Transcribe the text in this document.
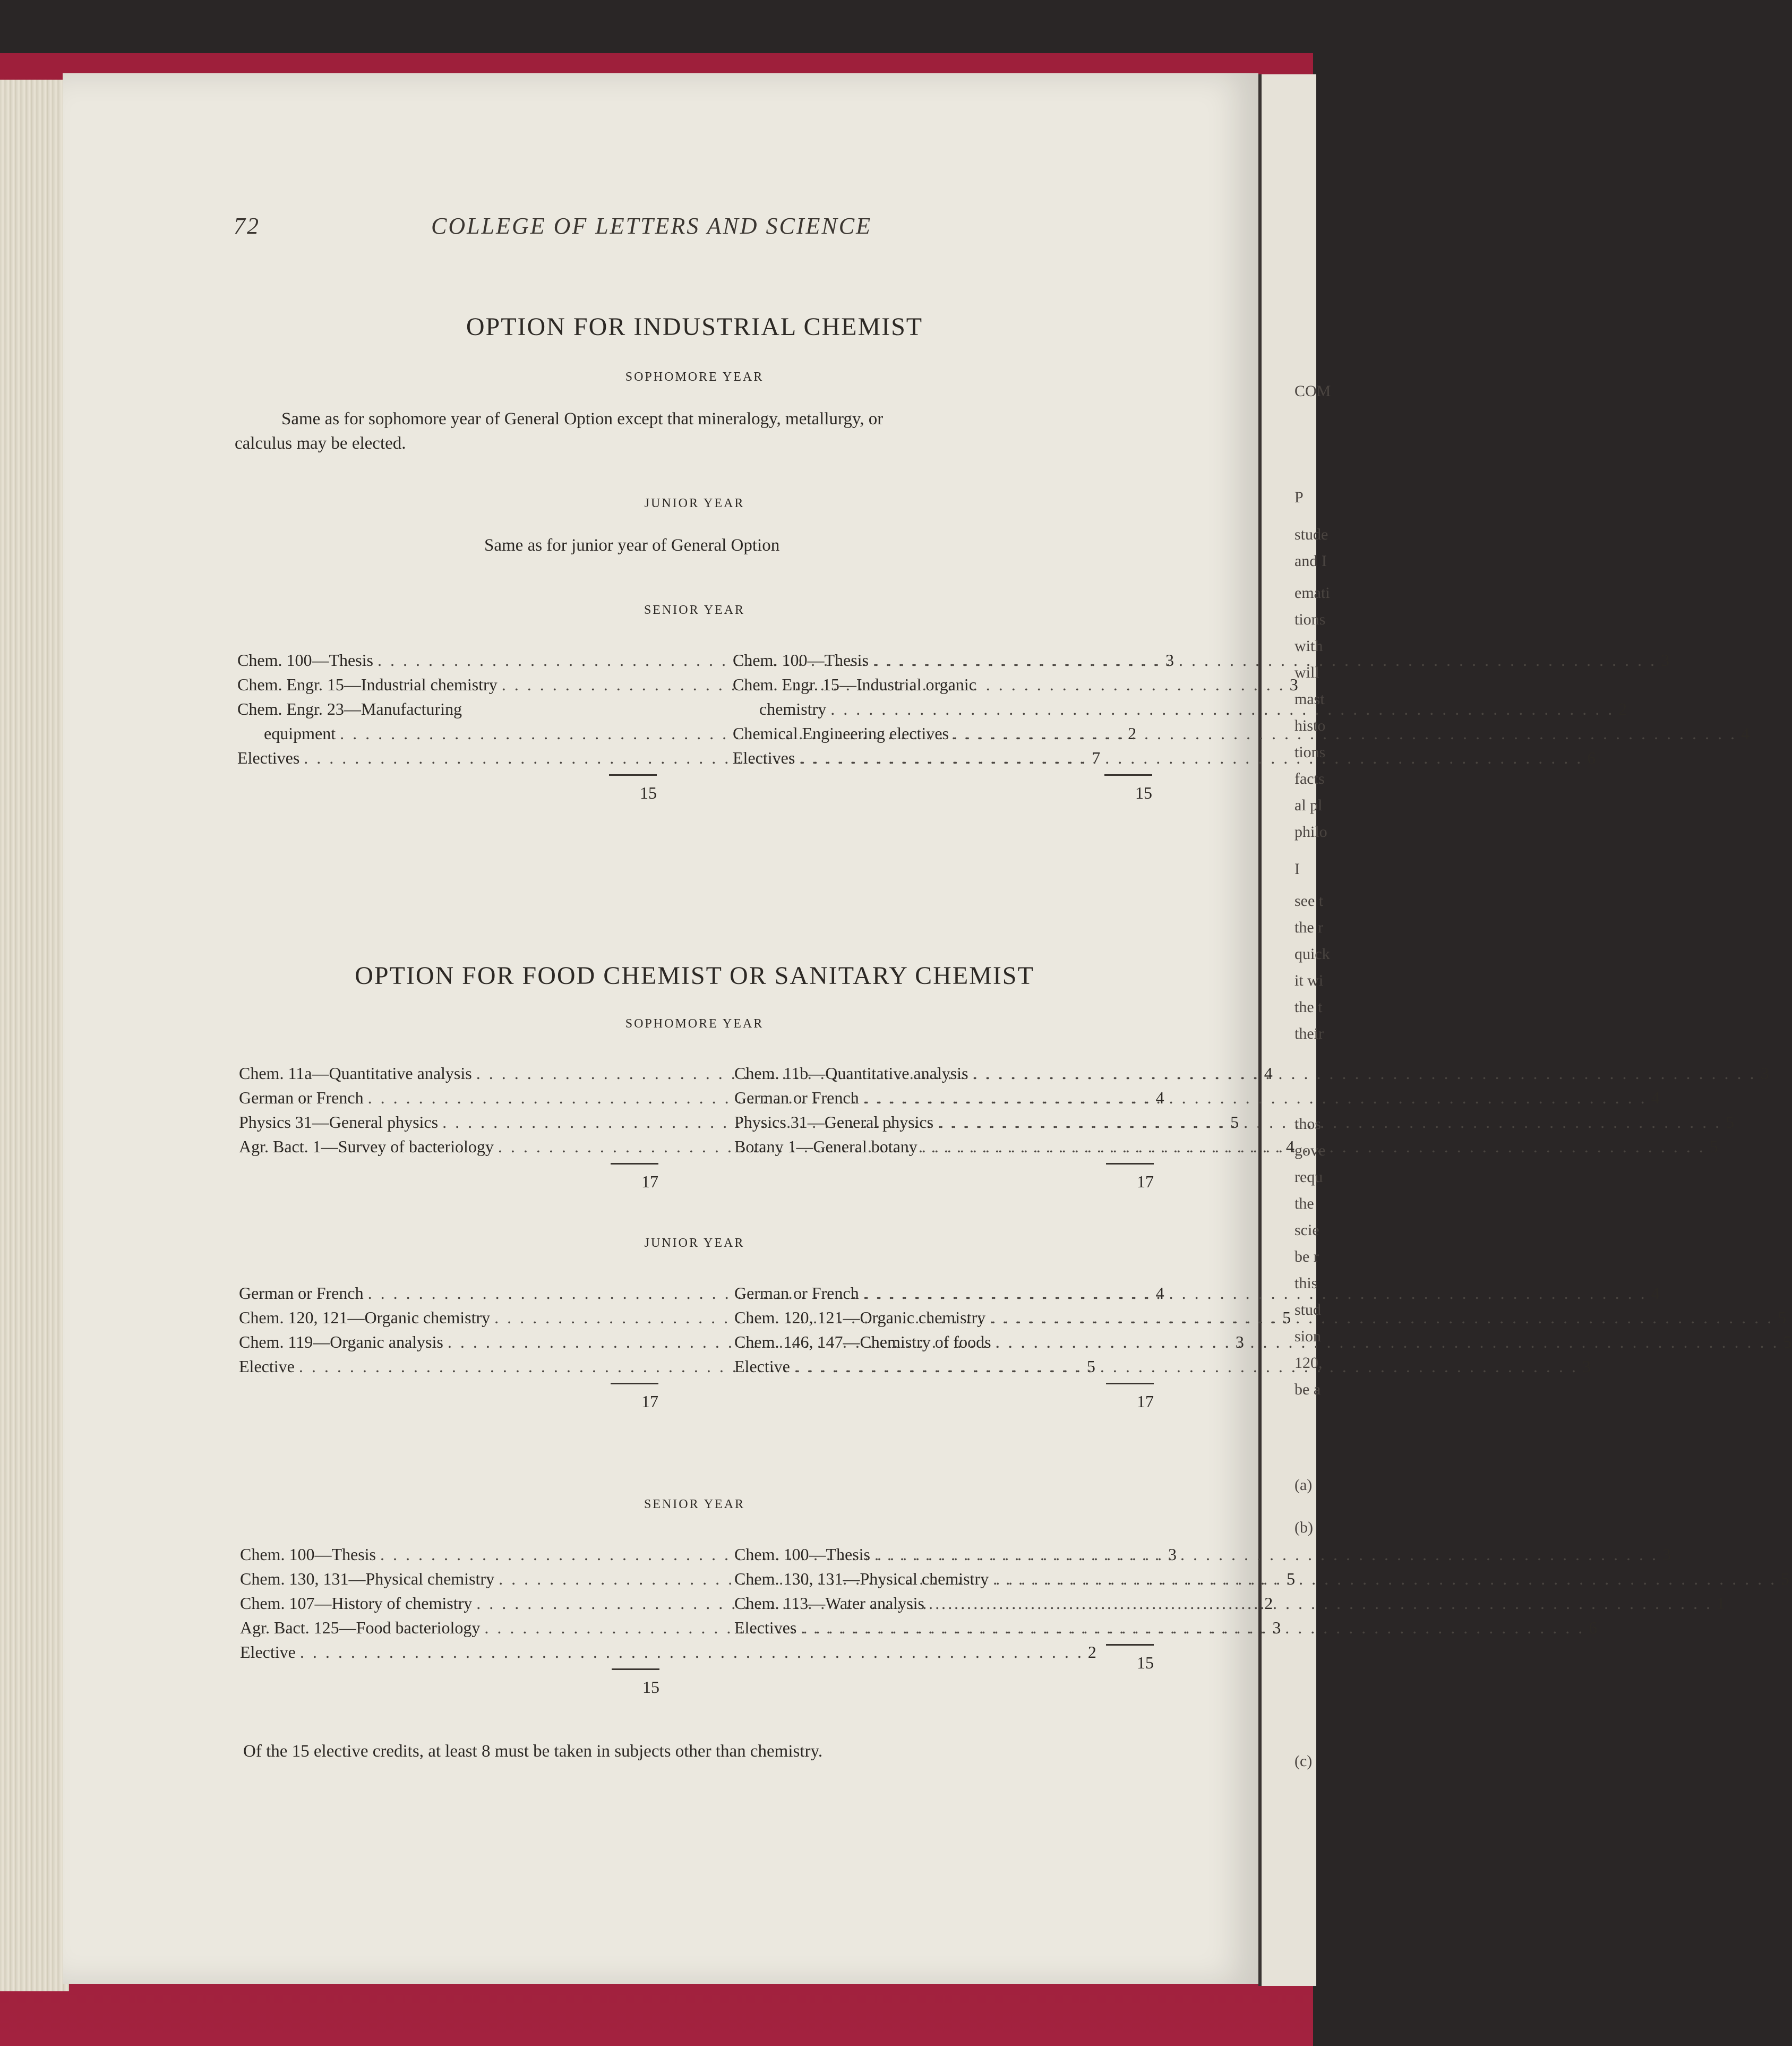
COM
P
stude
and I
emati
tions
with
will
mast
histo
tions
facts
al pl
philo
I
see t
the r
quick
it wi
the t
their
thos
gove
requ
the
scie
be r
this
stud
sion
120,
be a
(a)
(b)
(c)
72	COLLEGE OF LETTERS AND SCIENCE
OPTION FOR INDUSTRIAL CHEMIST
SOPHOMORE YEAR
Same as for sophomore year of General Option except that mineralogy, metallurgy, or
calculus may be elected.
JUNIOR YEAR
Same as for junior year of General Option
SENIOR YEAR
Chem. 100—Thesis . . .	3
Chem. Engr. 15—Industrial chemistry . . .	3
Chem. Engr. 23—Manufacturing
equipment . . .	2
Electives . . .	7
15
Chem. 100—Thesis . . .	3
Chem. Engr. 15—Industrial organic
chemistry . . .	2
Chemical Engineering electives . . .	4
Electives . . .	6
15
OPTION FOR FOOD CHEMIST OR SANITARY CHEMIST
SOPHOMORE YEAR
Chem. 11a—Quantitative analysis . . .	4
German or French . . .	4
Physics 31—General physics . . .	5
Agr. Bact. 1—Survey of bacteriology . . .	4
17
Chem. 11b—Quantitative analysis . . .	3
German or French . . .	4
Physics 31—General physics . . .	5
Botany 1—General botany . . .	5
17
JUNIOR YEAR
German or French . . .	4
Chem. 120, 121—Organic chemistry . . .	5
Chem. 119—Organic analysis . . .	3
Elective . . .	5
17
German or French . . .	4
Chem. 120, 121—Organic chemistry . . .	5
Chem. 146, 147—Chemistry of foods . . .	5
Elective . . .	3
17
SENIOR YEAR
Chem. 100—Thesis . . .	3
Chem. 130, 131—Physical chemistry . . .	5
Chem. 107—History of chemistry . . .	2
Agr. Bact. 125—Food bacteriology . . .	3
Elective . . .	2
15
Chem. 100—Thesis . . .	3
Chem. 130, 131—Physical chemistry . . .	5
Chem. 113—Water analysis . . .	1
Electives . . .	6
15
Of the 15 elective credits, at least 8 must be taken in subjects other than chemistry.
